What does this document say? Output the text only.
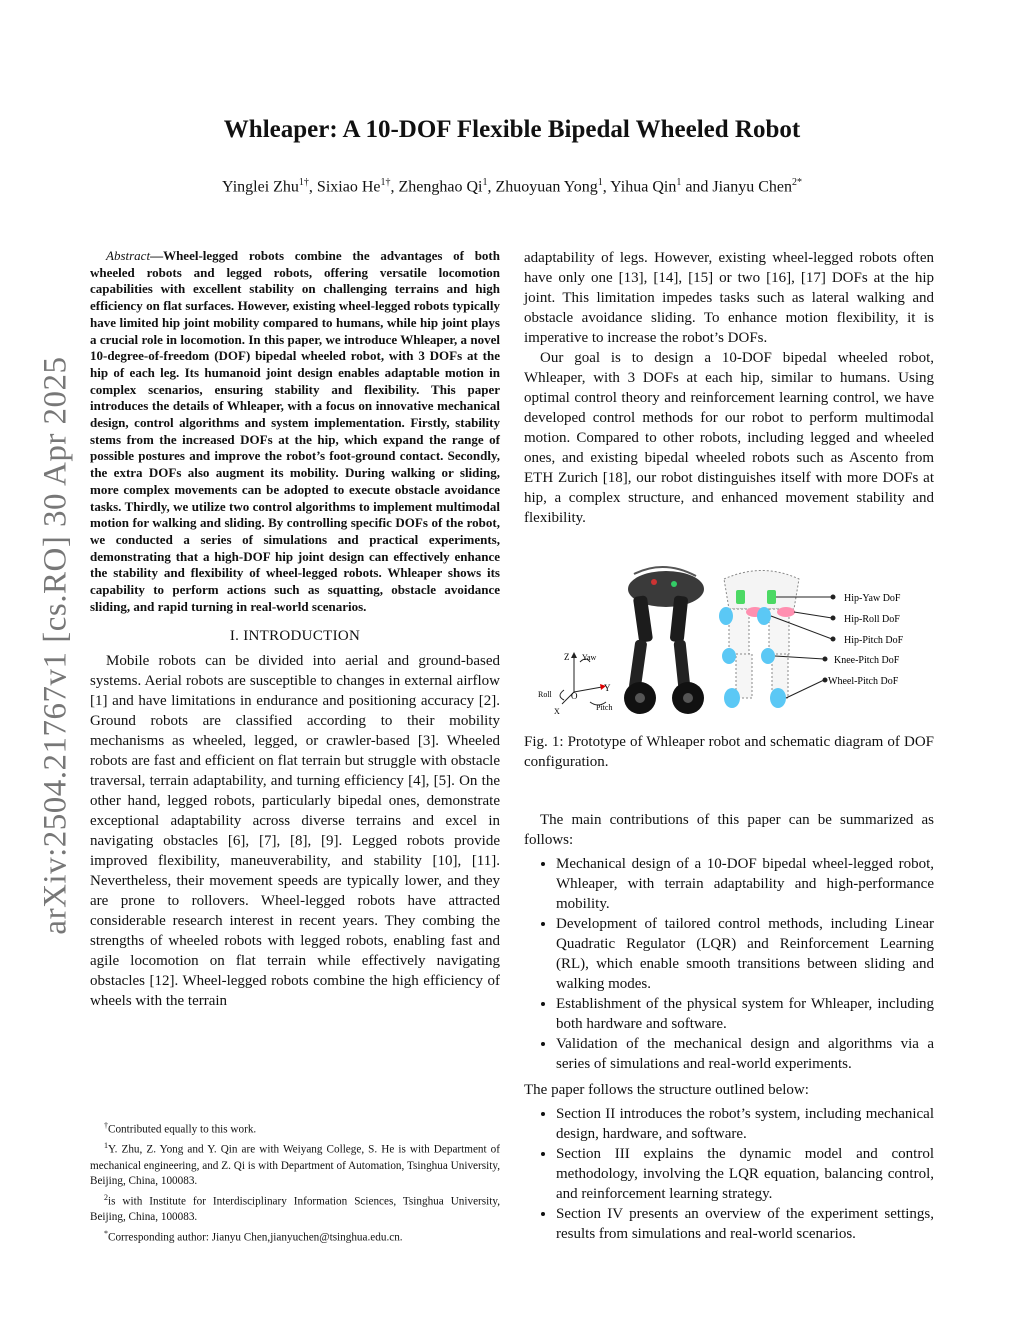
arXiv:2504.21767v1 [cs.RO] 30 Apr 2025
Whleaper: A 10-DOF Flexible Bipedal Wheeled Robot
Yinglei Zhu$^{1\dagger}$, Sixiao $He^{1\dagger}$, Zhenghao Qi$^1$, Zhuoyuan Yong$^1$, Yihua Qin$^1$ and Jianyu Chen$^{2*}$

Abstract—Wheel-legged robots combine the advantages of both wheeled robots and legged robots, offering versatile locomotion capabilities with excellent stability on challenging terrains and high efficiency on flat surfaces. However, existing wheel-legged robots typically have limited hip joint mobility compared to humans, while hip joint plays a crucial role in locomotion. In this paper, we introduce Whleaper, a novel 10-degree-of-freedom (DOF) bipedal wheeled robot, with 3 DOFs at the hip of each leg. Its humanoid joint design enables adaptable motion in complex scenarios, ensuring stability and flexibility. This paper introduces the details of Whleaper, with a focus on innovative mechanical design, control algorithms and system implementation. Firstly, stability stems from the increased DOFs at the hip, which expand the range of possible postures and improve the robot’s foot-ground contact. Secondly, the extra DOFs also augment its mobility. During walking or sliding, more complex movements can be adopted to execute obstacle avoidance tasks. Thirdly, we utilize two control algorithms to implement multimodal motion for walking and sliding. By controlling specific DOFs of the robot, we conducted a series of simulations and practical experiments, demonstrating that a high-DOF hip joint design can effectively enhance the stability and flexibility of wheel-legged robots. Whleaper shows its capability to perform actions such as squatting, obstacle avoidance sliding, and rapid turning in real-world scenarios.

I. INTRODUCTION

Mobile robots can be divided into aerial and ground-based systems. Aerial robots are susceptible to changes in external airflow [1] and have limitations in endurance and positioning accuracy [2]. Ground robots are classified according to their mobility mechanisms as wheeled, legged, or crawler-based [3]. Wheeled robots are fast and efficient on flat terrain but struggle with obstacle traversal, terrain adaptability, and turning efficiency [4], [5]. On the other hand, legged robots, particularly bipedal ones, demonstrate exceptional adaptability across diverse terrains and excel in navigating obstacles [6], [7], [8], [9]. Legged robots provide improved flexibility, maneuverability, and stability [10], [11]. Nevertheless, their movement speeds are typically lower, and they are prone to rollovers. Wheel-legged robots have attracted considerable research interest in recent years. They combing the strengths of wheeled robots with legged robots, enabling fast and agile locomotion on flat terrain while effectively navigating obstacles [12]. Wheel-legged robots combine the high efficiency of wheels with the terrain

†Contributed equally to this work.

$^1$Y. Zhu, Z. Yong and Y. Qin are with Weiyang College, S. He is with Department of mechanical engineering, and Z. Qi is with Department of Automation, Tsinghua University, Beijing, China, 100083.

$^2$is with Institute for Interdisciplinary Information Sciences, Tsinghua University, Beijing, China, 100083.

*Corresponding author: Jianyu Chen,jianyuchen@tsinghua.edu.cn.

adaptability of legs. However, existing wheel-legged robots often have only one [13], [14], [15] or two [16], [17] DOFs at the hip joint. This limitation impedes tasks such as lateral walking and obstacle avoidance sliding. To enhance motion flexibility, it is imperative to increase the robot’s DOFs.

Our goal is to design a 10-DOF bipedal wheeled robot, Whleaper, with 3 DOFs at each hip, similar to humans. Using optimal control theory and reinforcement learning control, we have developed control methods for our robot to perform multimodal motion. Compared to other robots, including legged and wheeled ones, and existing bipedal wheeled robots such as Ascento from ETH Zurich [18], our robot distinguishes itself with more DOFs at hip, a complex structure, and enhanced movement stability and flexibility.

Z Yaw
Roll O
Y
X	Pitch
Hip-Yaw DoF
Hip-Roll DoF
Hip-Pitch DoF
Knee-Pitch DoF
Wheel-Pitch DoF

Fig. 1: Prototype of Whleaper robot and schematic diagram of DOF configuration.

The main contributions of this paper can be summarized as follows:

• Mechanical design of a 10-DOF bipedal wheel-legged robot, Whleaper, with terrain adaptability and high-performance mobility.
• Development of tailored control methods, including Linear Quadratic Regulator (LQR) and Reinforcement Learning (RL), which enable smooth transitions between sliding and walking modes.
• Establishment of the physical system for Whleaper, including both hardware and software.
• Validation of the mechanical design and algorithms via a series of simulations and real-world experiments.

The paper follows the structure outlined below:

• Section II introduces the robot’s system, including mechanical design, hardware, and software.
• Section III explains the dynamic model and control methodology, involving the LQR equation, balancing control, and reinforcement learning strategy.
• Section IV presents an overview of the experiment settings, results from simulations and real-world scenarios.
